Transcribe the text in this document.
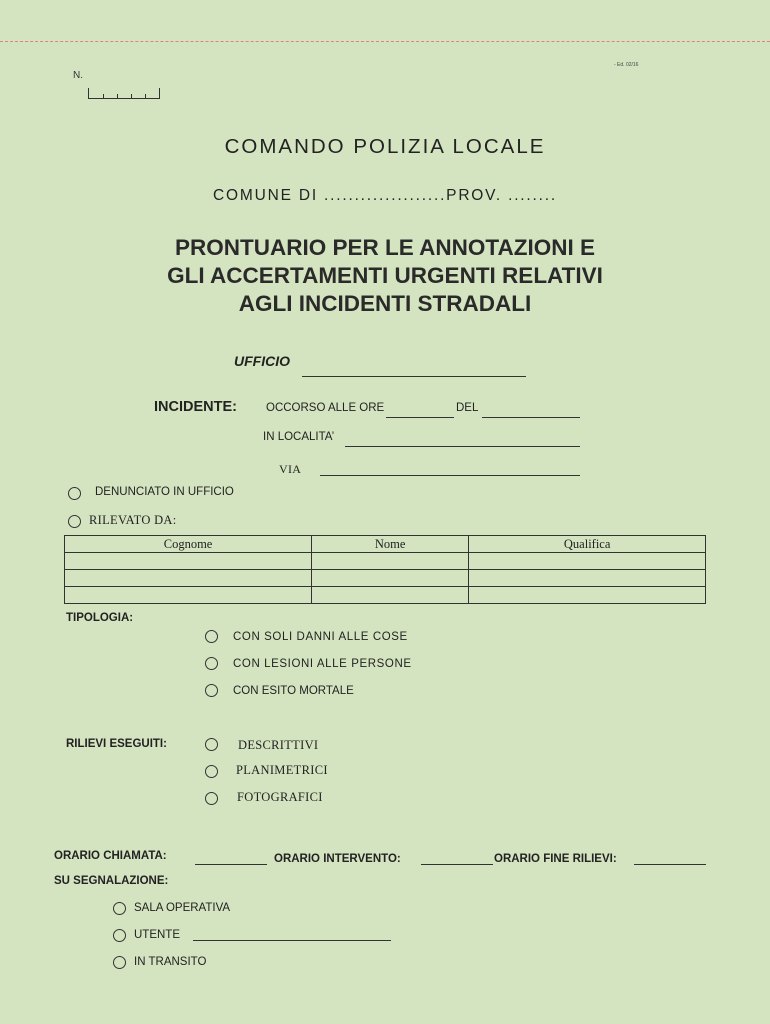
- Ed. 02/16
N.
COMANDO POLIZIA LOCALE
COMUNE DI ....................PROV. ........
PRONTUARIO PER LE ANNOTAZIONI E
GLI ACCERTAMENTI URGENTI RELATIVI
AGLI INCIDENTI STRADALI
UFFICIO
INCIDENTE:	OCCORSO ALLE ORE	DEL
IN LOCALITA’
VIA
DENUNCIATO IN UFFICIO
RILEVATO DA:
Cognome	Nome	Qualifica

TIPOLOGIA:
CON SOLI DANNI ALLE COSE
CON LESIONI ALLE PERSONE
CON ESITO MORTALE
RILIEVI ESEGUITI:	DESCRITTIVI
PLANIMETRICI
FOTOGRAFICI
ORARIO CHIAMATA:	ORARIO INTERVENTO:	ORARIO FINE RILIEVI:
SU SEGNALAZIONE:
SALA OPERATIVA
UTENTE
IN TRANSITO
